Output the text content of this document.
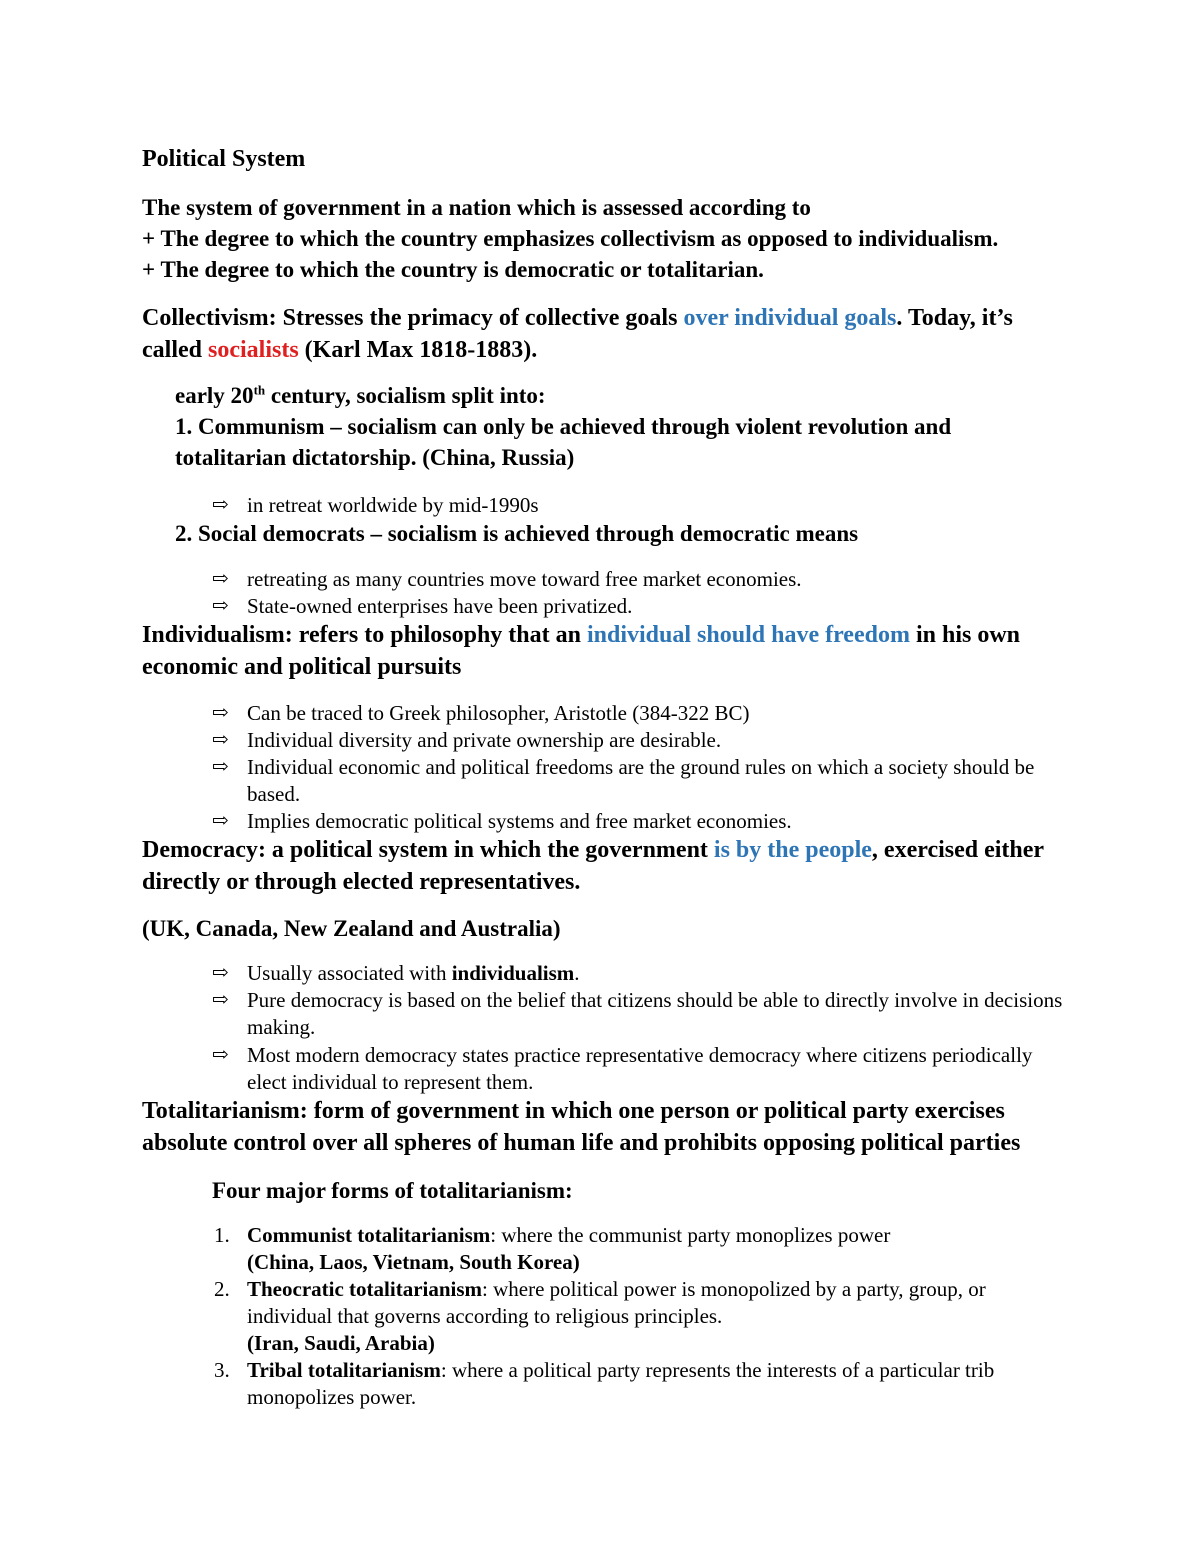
Political System
The system of government in a nation which is assessed according to
+ The degree to which the country emphasizes collectivism as opposed to individualism.
+ The degree to which the country is democratic or totalitarian.
Collectivism: Stresses the primacy of collective goals over individual goals. Today, it’s
called socialists (Karl Max 1818-1883).
early 20th century, socialism split into:
1. Communism – socialism can only be achieved through violent revolution and
totalitarian dictatorship. (China, Russia)
⇨ in retreat worldwide by mid-1990s
2. Social democrats – socialism is achieved through democratic means
⇨ retreating as many countries move toward free market economies.
⇨ State-owned enterprises have been privatized.
Individualism: refers to philosophy that an individual should have freedom in his own
economic and political pursuits
⇨ Can be traced to Greek philosopher, Aristotle (384-322 BC)
⇨ Individual diversity and private ownership are desirable.
⇨ Individual economic and political freedoms are the ground rules on which a society should be based.
⇨ Implies democratic political systems and free market economies.
Democracy: a political system in which the government is by the people, exercised either
directly or through elected representatives.
(UK, Canada, New Zealand and Australia)
⇨ Usually associated with individualism.
⇨ Pure democracy is based on the belief that citizens should be able to directly involve in decisions making.
⇨ Most modern democracy states practice representative democracy where citizens periodically elect individual to represent them.
Totalitarianism: form of government in which one person or political party exercises
absolute control over all spheres of human life and prohibits opposing political parties
Four major forms of totalitarianism:
1. Communist totalitarianism: where the communist party monoplizes power
(China, Laos, Vietnam, South Korea)
2. Theocratic totalitarianism: where political power is monopolized by a party, group, or individual that governs according to religious principles.
(Iran, Saudi, Arabia)
3. Tribal totalitarianism: where a political party represents the interests of a particular trib monopolizes power.
